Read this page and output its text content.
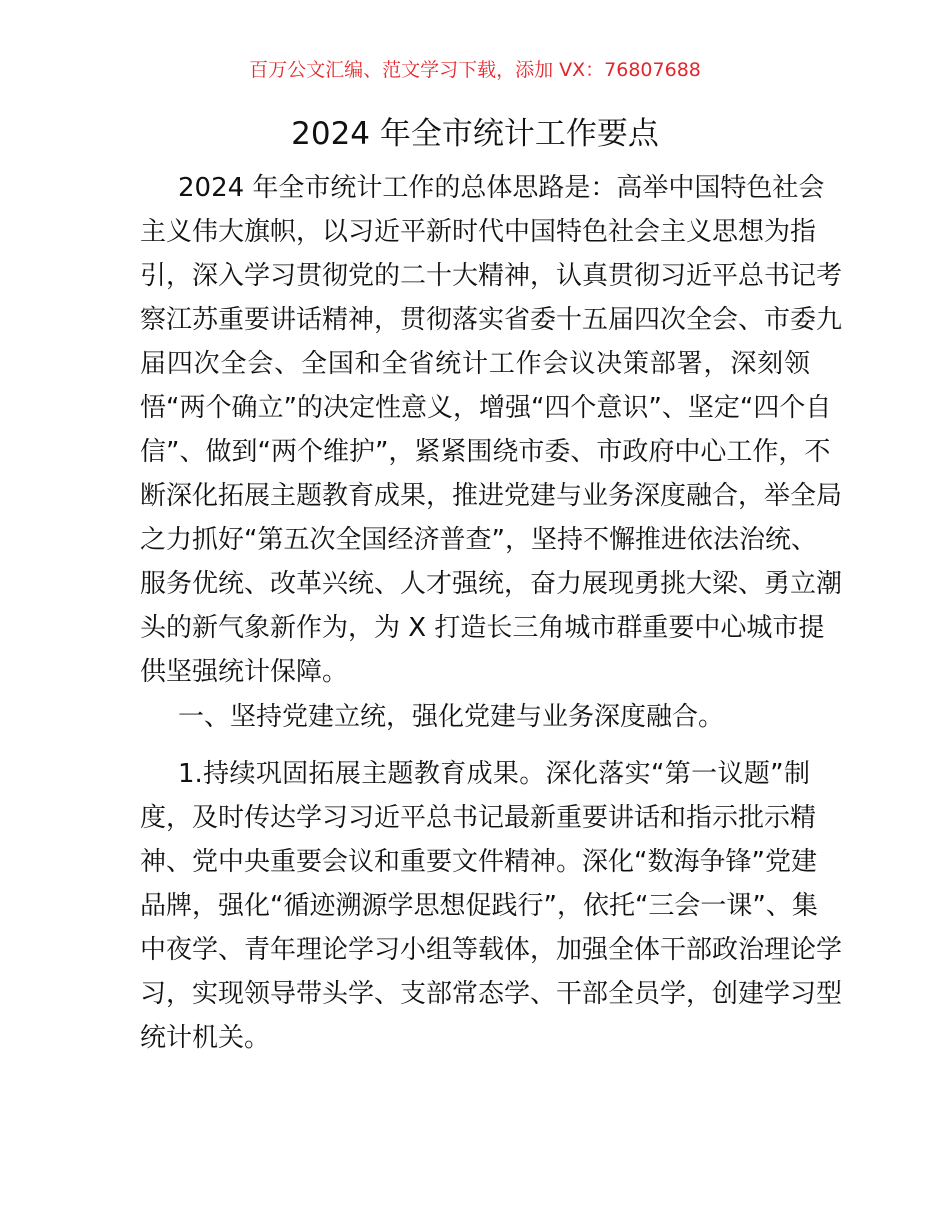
百万公文汇编、范文学习下载，添加 VX：76807688
2024 年全市统计工作要点
2024 年全市统计工作的总体思路是：高举中国特色社会
主义伟大旗帜，以习近平新时代中国特色社会主义思想为指
引，深入学习贯彻党的二十大精神，认真贯彻习近平总书记考
察江苏重要讲话精神，贯彻落实省委十五届四次全会、市委九
届四次全会、全国和全省统计工作会议决策部署，深刻领
悟“两个确立”的决定性意义，增强“四个意识”、坚定“四个自
信”、做到“两个维护”，紧紧围绕市委、市政府中心工作，不
断深化拓展主题教育成果，推进党建与业务深度融合，举全局
之力抓好“第五次全国经济普查”，坚持不懈推进依法治统、
服务优统、改革兴统、人才强统，奋力展现勇挑大梁、勇立潮
头的新气象新作为，为 X 打造长三角城市群重要中心城市提
供坚强统计保障。
一、坚持党建立统，强化党建与业务深度融合。
1.持续巩固拓展主题教育成果。深化落实“第一议题”制
度，及时传达学习习近平总书记最新重要讲话和指示批示精
神、党中央重要会议和重要文件精神。深化“数海争锋”党建
品牌，强化“循迹溯源学思想促践行”，依托“三会一课”、集
中夜学、青年理论学习小组等载体，加强全体干部政治理论学
习，实现领导带头学、支部常态学、干部全员学，创建学习型
统计机关。
